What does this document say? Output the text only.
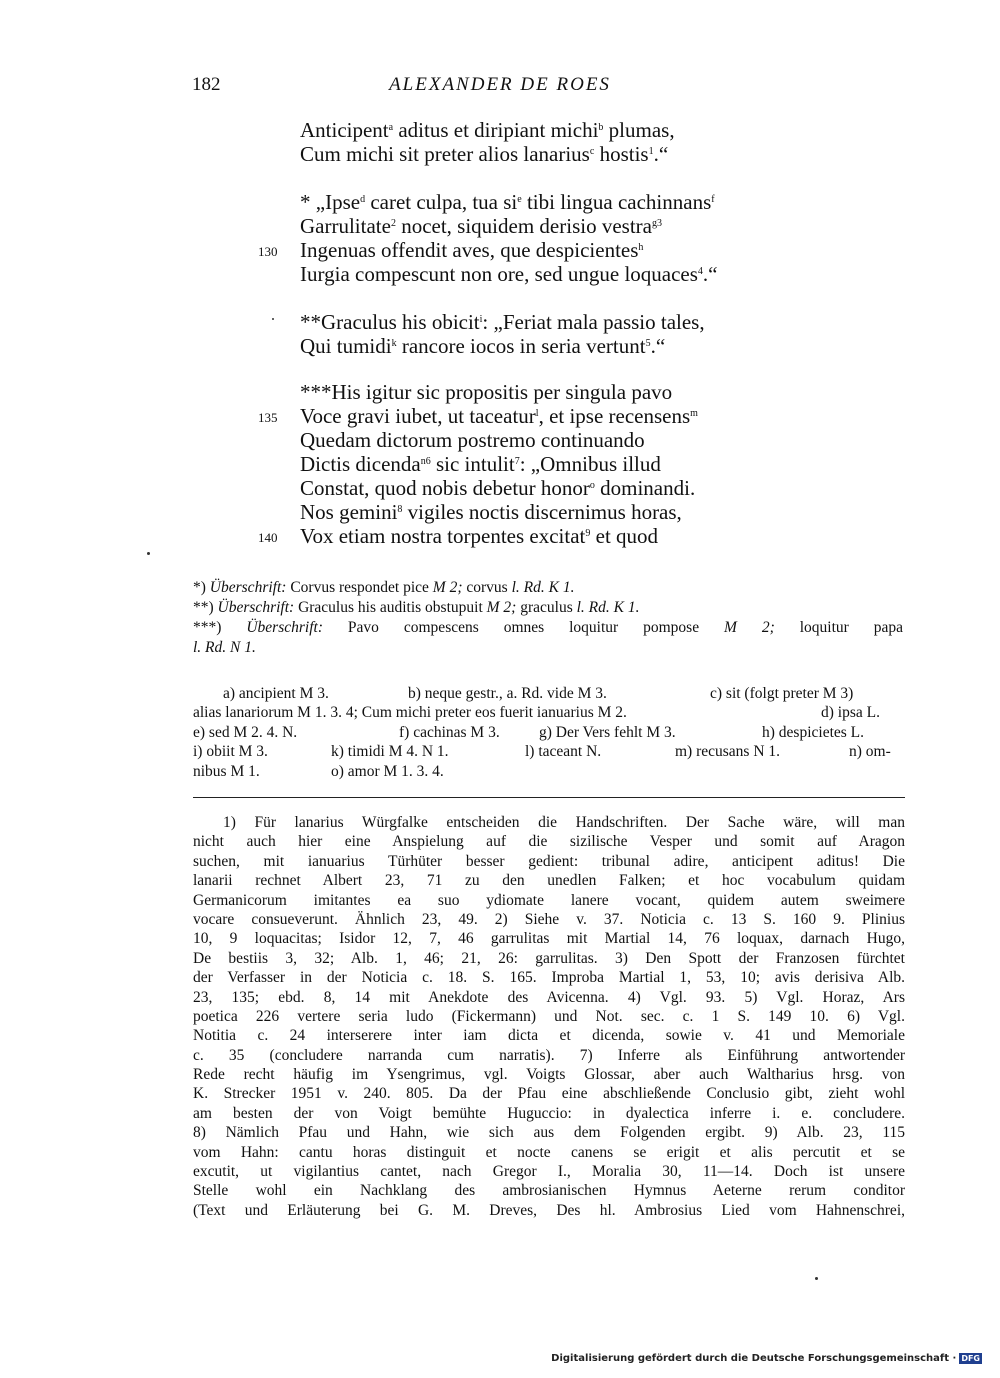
182	ALEXANDER DE ROES
Anticipent$^a$ aditus et diripiant michi$^b$ plumas,
Cum michi sit preter alios lanarius$^c$ hostis$^1$.“
* „Ipse$^d$ caret culpa, tua $si^e$ tibi lingua cachinnans$^f$
Garrulitate$^2$ nocet, siquidem derisio vestra$^{g3}$
Ingenuas offendit aves, que despicientes$^h$
130
Iurgia compescunt non ore, sed ungue loquaces$^4$.“
**Graculus his obicit$^i$: „Feriat mala passio tales,
Qui tumidi$^k$ rancore iocos in seria vertunt$^5$.“
***His igitur sic propositis per singula pavo
Voce gravi iubet, ut taceatur$^l$, et ipse recensens$^m$
135
Quedam dictorum postremo continuando
Dictis dicenda$^{n6}$ sic intulit$^7$: „Omnibus illud
Constat, quod nobis debetur honor$^o$ dominandi.
Nos gemini$^8$ vigiles noctis discernimus horas,
Vox etiam nostra torpentes excitat$^9$ et quod
140
*) Überschrift: Corvus respondet pice M 2; corvus l. Rd. K 1.
**) Überschrift: Graculus his auditis obstupuit M 2; graculus l. Rd. K 1.
***) Überschrift: Pavo compescens omnes loquitur pompose M 2; loquitur papa
l. Rd. N 1.
a) ancipient M 3.	b) neque gestr., a. Rd. vide M 3.	c) sit (folgt preter M 3)
alias lanariorum M 1. 3. 4; Cum michi preter eos fuerit ianuarius M 2.	d) ipsa L.
e) sed M 2. 4. N.	f) cachinas M 3.	g) Der Vers fehlt M 3.	h) despicietes L.
i) obiit M 3.	k) timidi M 4. N 1.	l) taceant N.	m) recusans N 1.	n) om-
nibus M 1.	o) amor M 1. 3. 4.
1) Für lanarius Würgfalke entscheiden die Handschriften. Der Sache wäre, will man
nicht auch hier eine Anspielung auf die sizilische Vesper und somit auf Aragon
suchen, mit ianuarius Türhüter besser gedient: tribunal adire, anticipent aditus! Die
lanarii rechnet Albert 23, 71 zu den unedlen Falken; et hoc vocabulum quidam
Germanicorum imitantes ea suo ydiomate lanere vocant, quidem autem sweimere
vocare consueverunt. Ähnlich 23, 49. 2) Siehe v. 37. Noticia c. 13 S. 160 9. Plinius
10, 9 loquacitas; Isidor 12, 7, 46 garrulitas mit Martial 14, 76 loquax, darnach Hugo,
De bestiis 3, 32; Alb. 1, 46; 21, 26: garrulitas. 3) Den Spott der Franzosen fürchtet
der Verfasser in der Noticia c. 18. S. 165. Improba Martial 1, 53, 10; avis derisiva Alb.
23, 135; ebd. 8, 14 mit Anekdote des Avicenna. 4) Vgl. 93. 5) Vgl. Horaz, Ars
poetica 226 vertere seria ludo (Fickermann) und Not. sec. c. 1 S. 149 10. 6) Vgl.
Notitia c. 24 interserere inter iam dicta et dicenda, sowie v. 41 und Memoriale
c. 35 (concludere narranda cum narratis). 7) Inferre als Einführung antwortender
Rede recht häufig im Ysengrimus, vgl. Voigts Glossar, aber auch Waltharius hrsg. von
K. Strecker 1951 v. 240. 805. Da der Pfau eine abschließende Conclusio gibt, zieht wohl
am besten der von Voigt bemühte Huguccio: in dyalectica inferre i. e. concludere.
8) Nämlich Pfau und Hahn, wie sich aus dem Folgenden ergibt. 9) Alb. 23, 115
vom Hahn: cantu horas distinguit et nocte canens se erigit et alis percutit et se
excutit, ut vigilantius cantet, nach Gregor I., Moralia 30, 11—14. Doch ist unsere
Stelle wohl ein Nachklang des ambrosianischen Hymnus Aeterne rerum conditor
(Text und Erläuterung bei G. M. Dreves, Des hl. Ambrosius Lied vom Hahnenschrei,
Digitalisierung gefördert durch die Deutsche Forschungsgemeinschaft · DFG
